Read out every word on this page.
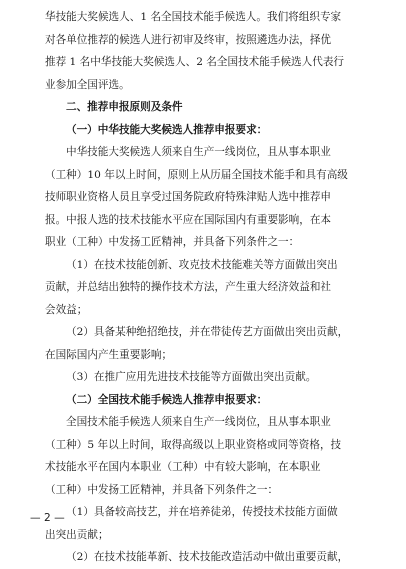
华技能大奖候选人、1 名全国技术能手候选人。我们将组织专家
对各单位推荐的候选人进行初审及终审，按照遴选办法，择优
推荐 1 名中华技能大奖候选人、2 名全国技术能手候选人代表行
业参加全国评选。
二、推荐申报原则及条件
（一）中华技能大奖候选人推荐申报要求：
中华技能大奖候选人须来自生产一线岗位，且从事本职业
（工种）10 年以上时间，原则上从历届全国技术能手和具有高级
技师职业资格人员且享受过国务院政府特殊津贴人选中推荐申
报。中报人选的技术技能水平应在国际国内有重要影响，在本
职业（工种）中发扬工匠精神，并具备下列条件之一：
（1）在技术技能创新、攻克技术技能难关等方面做出突出
贡献，并总结出独特的操作技术方法，产生重大经济效益和社
会效益；
（2）具备某种绝招绝技，并在带徒传艺方面做出突出贡献，
在国际国内产生重要影响；
（3）在推广应用先进技术技能等方面做出突出贡献。
（二）全国技术能手候选人推荐申报要求：
全国技术能手候选人须来自生产一线岗位，且从事本职业
（工种）5 年以上时间，取得高级以上职业资格或同等资格，技
术技能水平在国内本职业（工种）中有较大影响，在本职业
（工种）中发扬工匠精神，并具备下列条件之一：
（1）具备较高技艺，并在培养徒弟，传授技术技能方面做
出突出贡献；
（2）在技术技能革新、技术技能改造活动中做出重要贡献，
— 2 —
